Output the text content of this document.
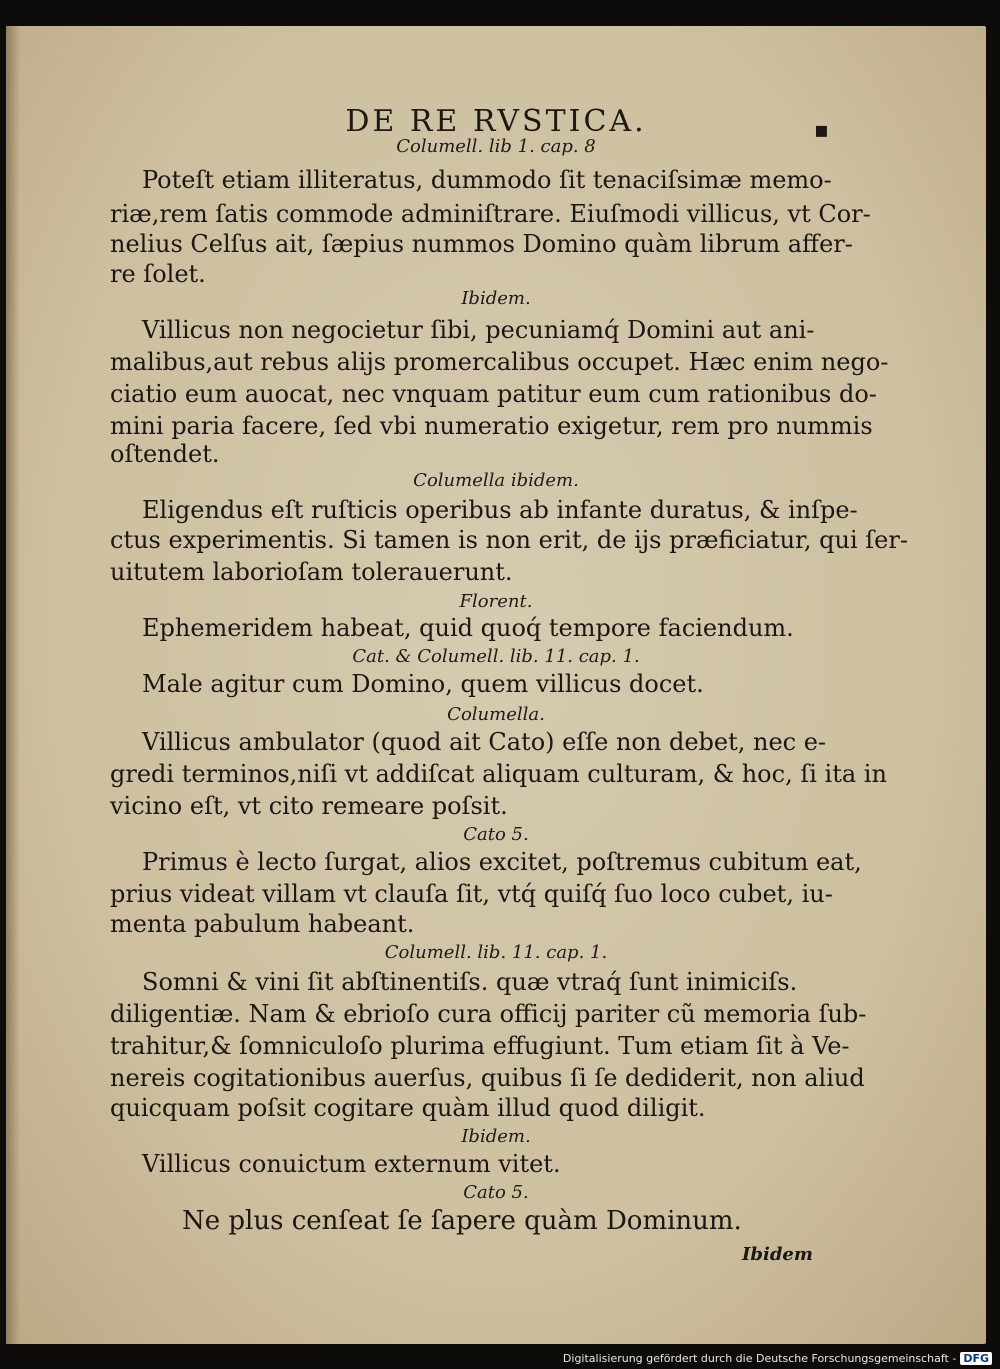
DE RE RVSTICA.	▪
Columell. lib 1. cap. 8
Ibidem.
Columella ibidem.
Florent.
Cat. & Columell. lib. 11. cap. 1.
Columella.
Cato 5.
Columell. lib. 11. cap. 1.
Ibidem.
Cato 5.
Poteſt etiam illiteratus, dummodo ſit tenaciſsimæ memo-
riæ,rem ſatis commode adminiſtrare. Eiuſmodi villicus, vt Cor-
nelius Celſus ait, ſæpius nummos Domino quàm librum affer-
re ſolet.
Villicus non negocietur ſibi, pecuniamq́ Domini aut ani-
malibus,aut rebus alijs promercalibus occupet. Hæc enim nego-
ciatio eum auocat, nec vnquam patitur eum cum rationibus do-
mini paria facere, ſed vbi numeratio exigetur, rem pro nummis
oſtendet.
Eligendus eſt ruſticis operibus ab infante duratus, & inſpe-
ctus experimentis. Si tamen is non erit, de ijs præficiatur, qui ſer-
uitutem laborioſam tolerauerunt.
Ephemeridem habeat, quid quoq́ tempore faciendum.
Male agitur cum Domino, quem villicus docet.
Villicus ambulator (quod ait Cato) eſſe non debet, nec e-
gredi terminos,niſi vt addiſcat aliquam culturam, & hoc, ſi ita in
vicino eſt, vt cito remeare poſsit.
Primus è lecto ſurgat, alios excitet, poſtremus cubitum eat,
prius videat villam vt clauſa ſit, vtq́ quiſq́ ſuo loco cubet, iu-
menta pabulum habeant.
Somni & vini ſit abſtinentiſs. quæ vtraq́ ſunt inimiciſs.
diligentiæ. Nam & ebrioſo cura officij pariter cũ memoria ſub-
trahitur,& ſomniculoſo plurima effugiunt. Tum etiam ſit à Ve-
nereis cogitationibus auerſus, quibus ſi ſe dediderit, non aliud
quicquam poſsit cogitare quàm illud quod diligit.
Villicus conuictum externum vitet.
Ne plus cenſeat ſe ſapere quàm Dominum.
Ibidem
Digitalisierung gefördert durch die Deutsche Forschungsgemeinschaft - DFG
